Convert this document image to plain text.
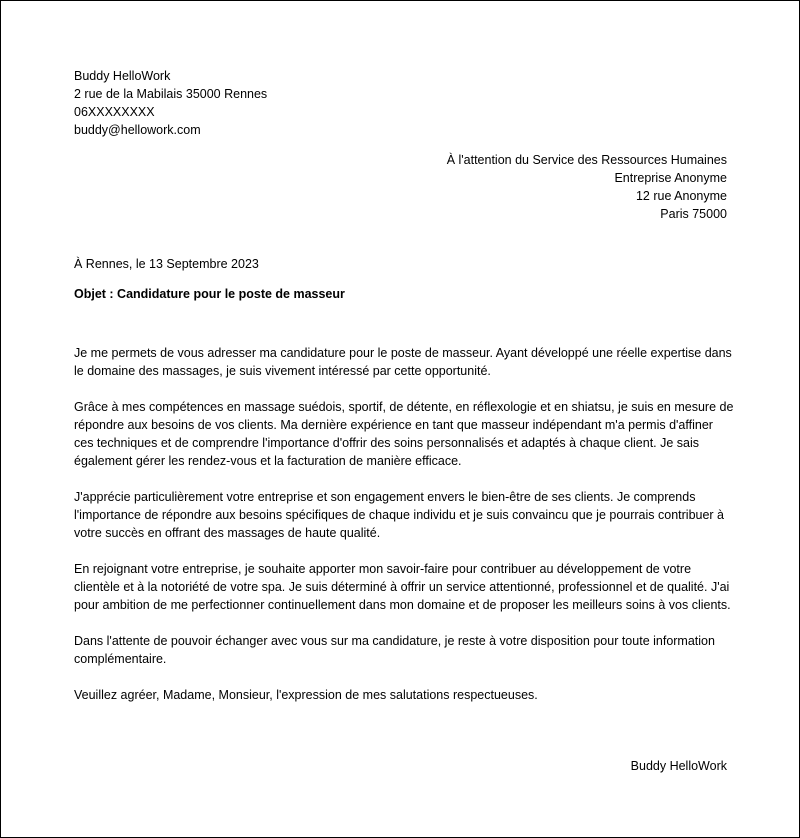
Buddy HelloWork
2 rue de la Mabilais 35000 Rennes
06XXXXXXXX
buddy@hellowork.com
À l'attention du Service des Ressources Humaines
Entreprise Anonyme
12 rue Anonyme
Paris 75000
À Rennes, le 13 Septembre 2023
Objet : Candidature pour le poste de masseur

Je me permets de vous adresser ma candidature pour le poste de masseur. Ayant développé une réelle expertise dans le domaine des massages, je suis vivement intéressé par cette opportunité.

Grâce à mes compétences en massage suédois, sportif, de détente, en réflexologie et en shiatsu, je suis en mesure de répondre aux besoins de vos clients. Ma dernière expérience en tant que masseur indépendant m'a permis d'affiner ces techniques et de comprendre l'importance d'offrir des soins personnalisés et adaptés à chaque client. Je sais également gérer les rendez-vous et la facturation de manière efficace.

J'apprécie particulièrement votre entreprise et son engagement envers le bien-être de ses clients. Je comprends l'importance de répondre aux besoins spécifiques de chaque individu et je suis convaincu que je pourrais contribuer à votre succès en offrant des massages de haute qualité.

En rejoignant votre entreprise, je souhaite apporter mon savoir-faire pour contribuer au développement de votre clientèle et à la notoriété de votre spa. Je suis déterminé à offrir un service attentionné, professionnel et de qualité. J'ai pour ambition de me perfectionner continuellement dans mon domaine et de proposer les meilleurs soins à vos clients.

Dans l'attente de pouvoir échanger avec vous sur ma candidature, je reste à votre disposition pour toute information complémentaire.

Veuillez agréer, Madame, Monsieur, l'expression de mes salutations respectueuses.

Buddy HelloWork
